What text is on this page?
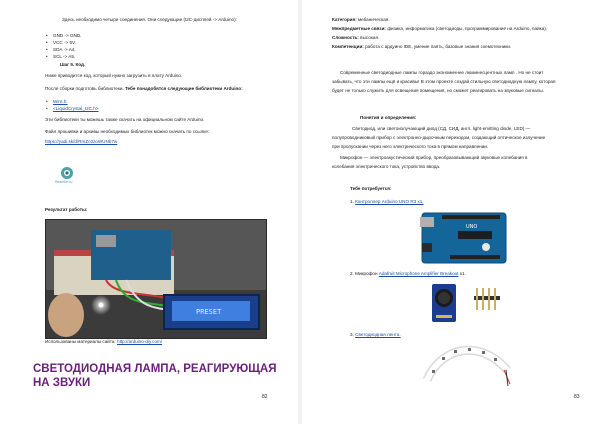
Здесь необходимо четыре соединения. Они следующие (I2C-дисплей -> Arduino):
• GND -> GND.
• VCC -> 5V.
• SDA -> A4.
• SCL -> A5.
Шаг 5. Код.
Ниже приводится код, который нужно загрузить в плату Arduino.
После сборки подготовь библиотеки. Тебе понадобятся следующие библиотеки Arduino:
• Wire.h.
• <LiquidCrystal_I2C.h>
Эти библиотеки ты можешь также скачать на официальном сайте Arduino.
Файл прошивки и архивы необходимых библиотек можно скачать по ссылке:
https://yadi.sk/d/RmZc0zoWUNb7w
Reaction.ru
Результат работы:
PRESET
Использованы материалы сайта: http://arduino-diy.com/
СВЕТОДИОДНАЯ ЛАМПА, РЕАГИРУЮЩАЯ НА ЗВУКИ
82
Категория: мебаническая.
Межпредметные связи: физика, информатика (светодиоды, программирование на Arduino, пайка).
Сложность: высокая.
Компетенции: работа с ардуино IDE, умение паять, базовые знания схемотехники.
Современные светодиодные лампы гораздо экономичнее люминесцентных ламп . Но не стоит
забывать, что эти лампы ещё и красивы! В этом проекте создай стильную светодиодную лампу, которая
будет не только служить для освещения помещения, но сможет реагировать на звуковые сигналы.
Понятия и определения:
Светодиод, или светоизлучающий диод (СД, СИД, англ. light-emitting diode, LED) —
полупроводниковый прибор с электронно-дырочным переходом, создающий оптическое излучение
при пропускании через него электрического тока в прямом направлении.
Микрофон — электроакустический прибор, преобразовывающий звуковые колебания в
колебания электрического тока, устройство ввода.
Тебе потребуется:
1. Контроллер Arduino UNO R3 х1.
UNO
2. Микрофон Adafruit Microphone Amplifier Breakout х1.
3. Светодиодная лента.
83
